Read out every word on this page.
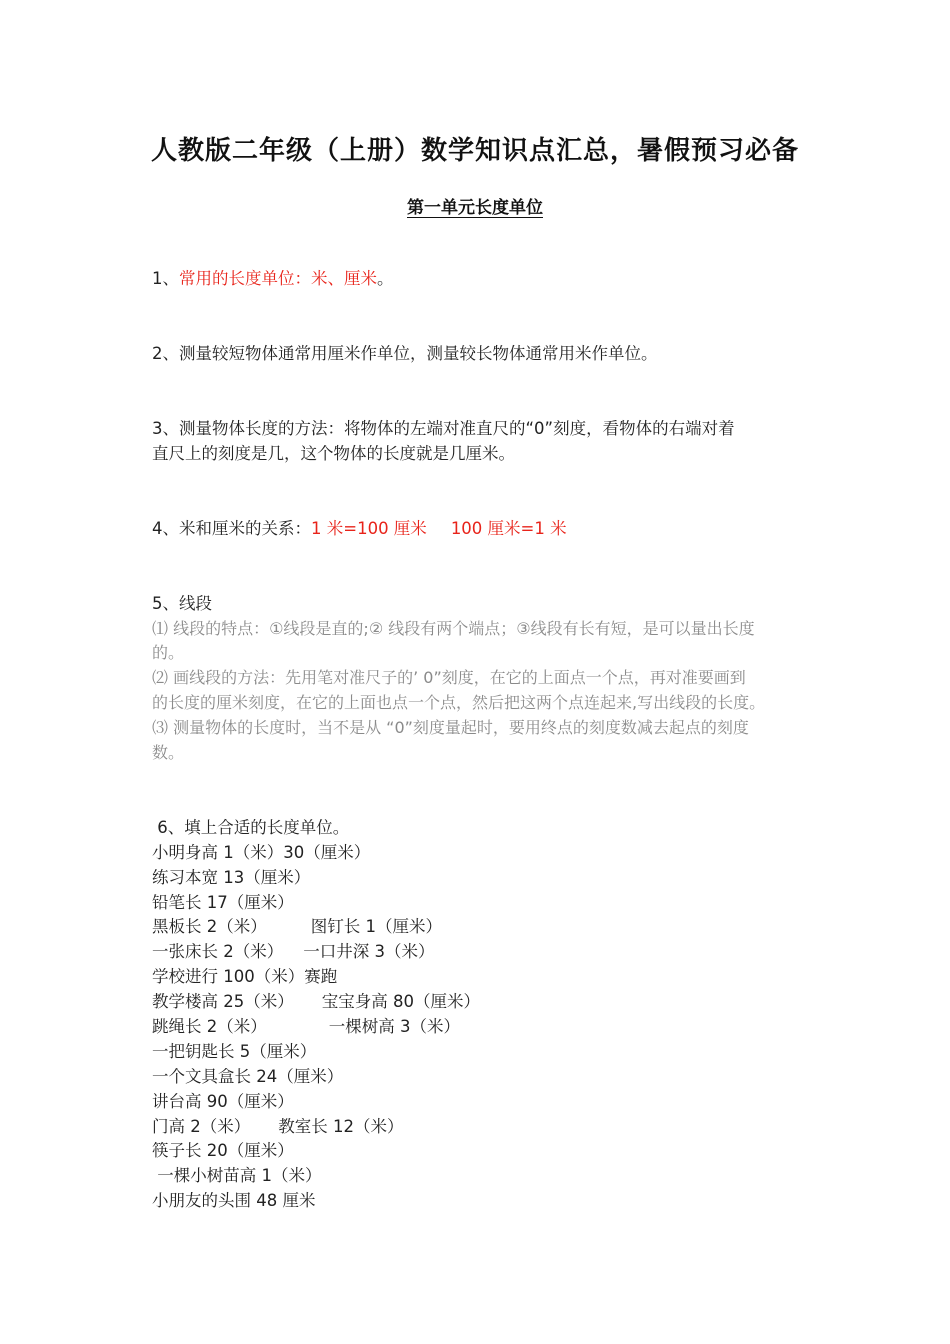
人教版二年级（上册）数学知识点汇总，暑假预习必备
第一单元长度单位
1、常用的长度单位：米、厘米。
2、测量较短物体通常用厘米作单位，测量较长物体通常用米作单位。
3、测量物体长度的方法：将物体的左端对准直尺的“0”刻度，看物体的右端对着
直尺上的刻度是几，这个物体的长度就是几厘米。
4、米和厘米的关系：1 米=100 厘米 100 厘米=1 米
5、线段
⑴ 线段的特点：①线段是直的;② 线段有两个端点；③线段有长有短，是可以量出长度
的。
⑵ 画线段的方法：先用笔对准尺子的’ 0”刻度，在它的上面点一个点，再对准要画到
的长度的厘米刻度，在它的上面也点一个点，然后把这两个点连起来,写出线段的长度。
⑶ 测量物体的长度时，当不是从 “0”刻度量起时，要用终点的刻度数减去起点的刻度
数。
6、填上合适的长度单位。
小明身高 1（米）30（厘米）
练习本宽 13（厘米）
铅笔长 17（厘米）
黑板长 2（米）	图钉长 1（厘米）
一张床长 2（米） 一口井深 3（米）
学校进行 100（米）赛跑
教学楼高 25（米） 宝宝身高 80（厘米）
跳绳长 2（米）	一棵树高 3（米）
一把钥匙长 5（厘米）
一个文具盒长 24（厘米）
讲台高 90（厘米）
门高 2（米） 教室长 12（米）
筷子长 20（厘米）
一棵小树苗高 1（米）
小朋友的头围 48 厘米
